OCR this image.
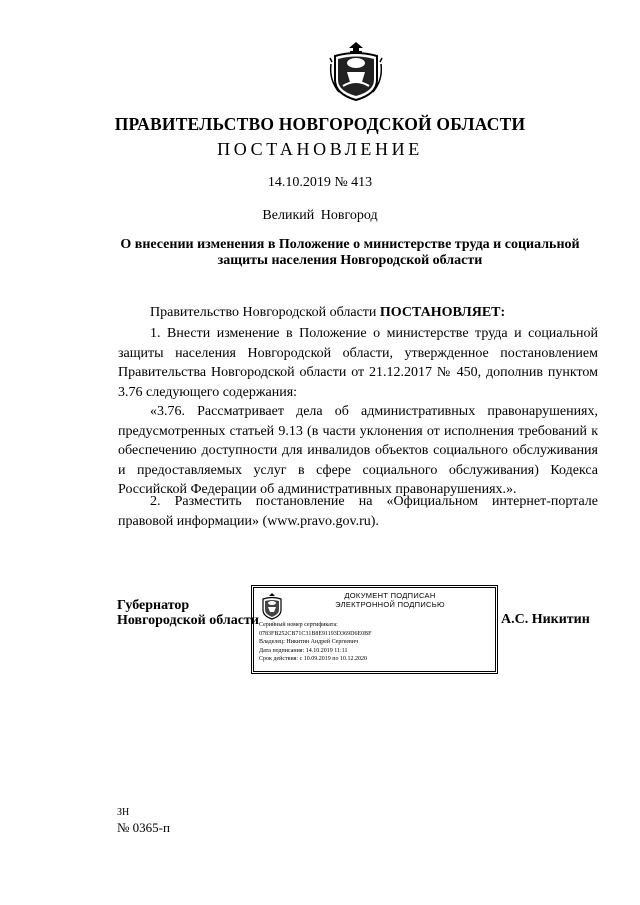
ПРАВИТЕЛЬСТВО НОВГОРОДСКОЙ ОБЛАСТИ
ПОСТАНОВЛЕНИЕ
14.10.2019 № 413
Великий Новгород
О внесении изменения в Положение о министерстве труда и социальной защиты населения Новгородской области
Правительство Новгородской области ПОСТАНОВЛЯЕТ:
1. Внести изменение в Положение о министерстве труда и социальной защиты населения Новгородской области, утвержденное постановлением Правительства Новгородской области от 21.12.2017 № 450, дополнив пунктом 3.76 следующего содержания:
«3.76. Рассматривает дела об административных правонарушениях, предусмотренных статьей 9.13 (в части уклонения от исполнения требований к обеспечению доступности для инвалидов объектов социального обслуживания и предоставляемых услуг в сфере социального обслуживания) Кодекса Российской Федерации об административных правонарушениях.».
2. Разместить постановление на «Официальном интернет-портале правовой информации» (www.pravo.gov.ru).
Губернатор
Новгородской области
ДОКУМЕНТ ПОДПИСАН
ЭЛЕКТРОННОЙ ПОДПИСЬЮ
Серийный номер сертификата:
0783FB252CB71C31B8E91193D369D6E0BF
Владелец: Никитин Андрей Сергеевич
Дата подписания: 14.10.2019 11:11
Срок действия: с 10.09.2019 по 10.12.2020
А.С. Никитин
ЗН
№ 0365-п
